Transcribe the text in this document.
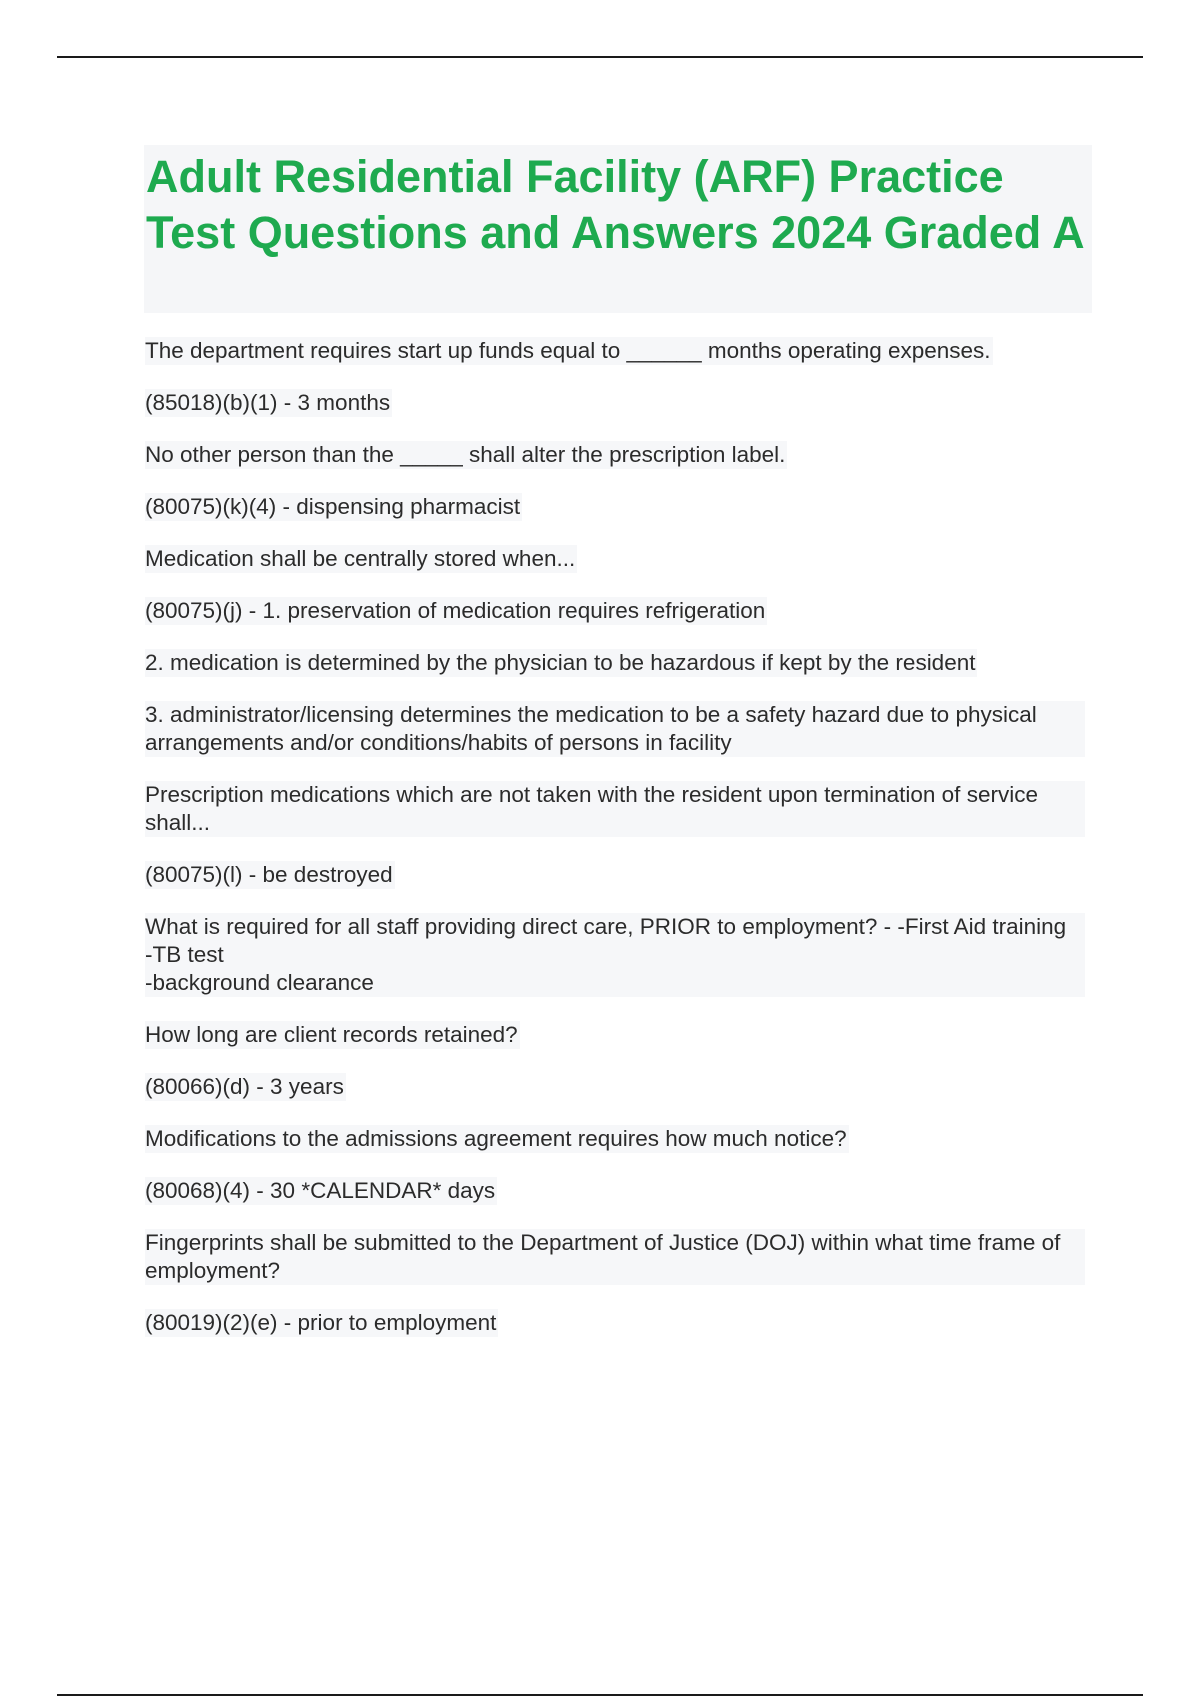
Adult Residential Facility (ARF) Practice Test Questions and Answers 2024 Graded A
The department requires start up funds equal to ______ months operating expenses.
(85018)(b)(1) - 3 months
No other person than the _____ shall alter the prescription label.
(80075)(k)(4) - dispensing pharmacist
Medication shall be centrally stored when...
(80075)(j) - 1. preservation of medication requires refrigeration
2. medication is determined by the physician to be hazardous if kept by the resident
3. administrator/licensing determines the medication to be a safety hazard due to physical arrangements and/or conditions/habits of persons in facility
Prescription medications which are not taken with the resident upon termination of service shall...
(80075)(l) - be destroyed
What is required for all staff providing direct care, PRIOR to employment? - -First Aid training
-TB test
-background clearance
How long are client records retained?
(80066)(d) - 3 years
Modifications to the admissions agreement requires how much notice?
(80068)(4) - 30 *CALENDAR* days
Fingerprints shall be submitted to the Department of Justice (DOJ) within what time frame of employment?
(80019)(2)(e) - prior to employment
